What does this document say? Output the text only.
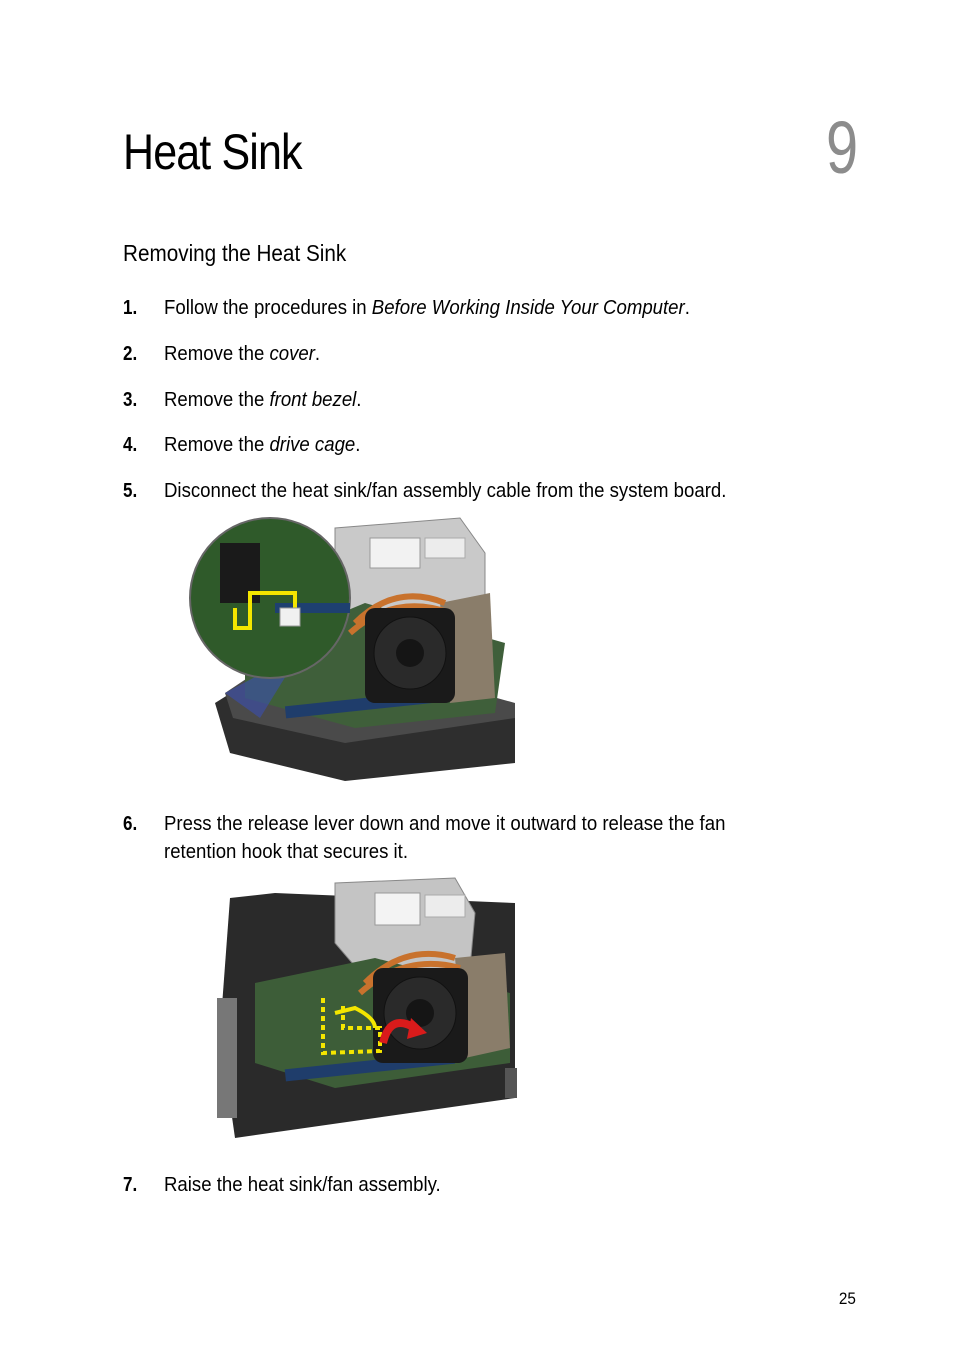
Heat Sink	9
Removing the Heat Sink
1. Follow the procedures in Before Working Inside Your Computer.
2. Remove the cover.
3. Remove the front bezel.
4. Remove the drive cage.
5. Disconnect the heat sink/fan assembly cable from the system board.
6. Press the release lever down and move it outward to release the fan
retention hook that secures it.
7. Raise the heat sink/fan assembly.
25
